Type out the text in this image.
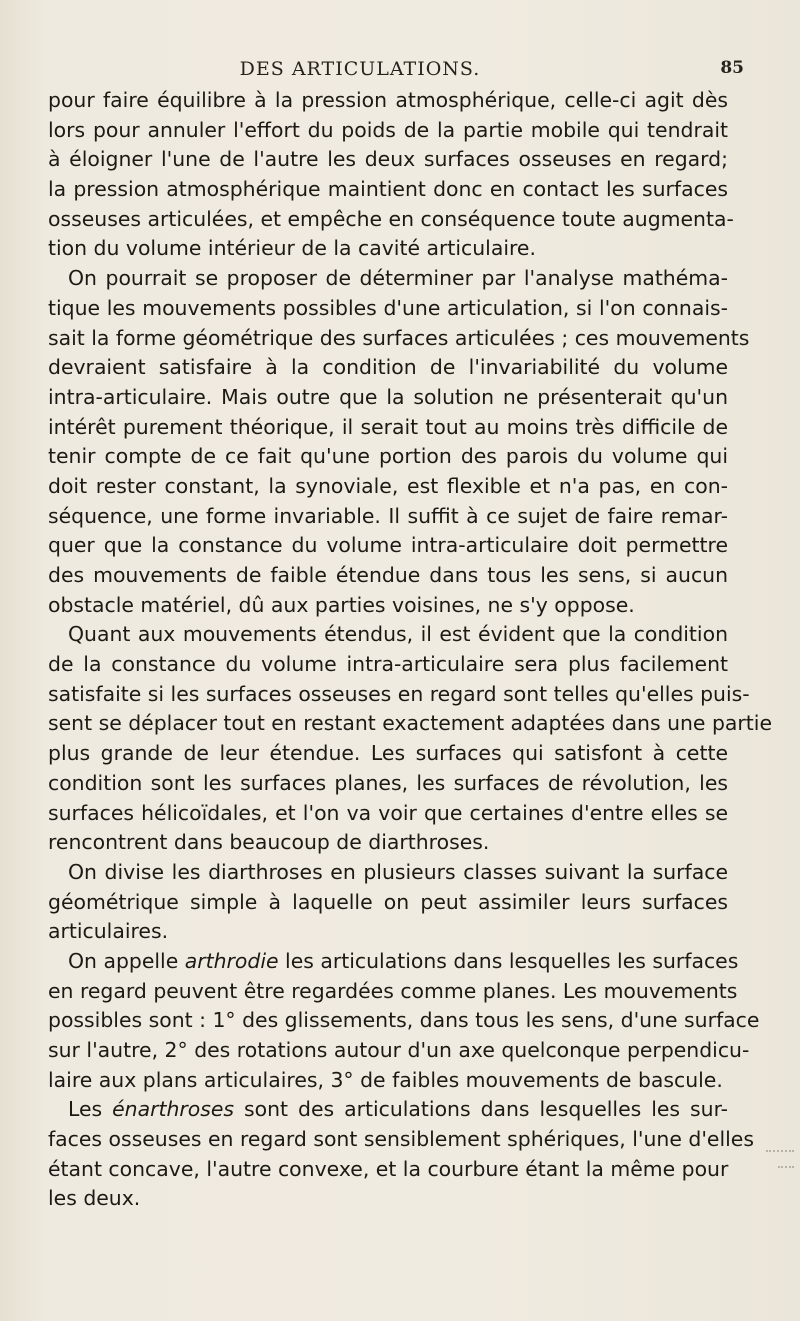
DES ARTICULATIONS.	85
pour faire équilibre à la pression atmosphérique, celle-ci agit dès
lors pour annuler l'effort du poids de la partie mobile qui tendrait
à éloigner l'une de l'autre les deux surfaces osseuses en regard;
la pression atmosphérique maintient donc en contact les surfaces
osseuses articulées, et empêche en conséquence toute augmenta-
tion du volume intérieur de la cavité articulaire.
On pourrait se proposer de déterminer par l'analyse mathéma-
tique les mouvements possibles d'une articulation, si l'on connais-
sait la forme géométrique des surfaces articulées ; ces mouvements
devraient satisfaire à la condition de l'invariabilité du volume
intra-articulaire. Mais outre que la solution ne présenterait qu'un
intérêt purement théorique, il serait tout au moins très difficile de
tenir compte de ce fait qu'une portion des parois du volume qui
doit rester constant, la synoviale, est flexible et n'a pas, en con-
séquence, une forme invariable. Il suffit à ce sujet de faire remar-
quer que la constance du volume intra-articulaire doit permettre
des mouvements de faible étendue dans tous les sens, si aucun
obstacle matériel, dû aux parties voisines, ne s'y oppose.
Quant aux mouvements étendus, il est évident que la condition
de la constance du volume intra-articulaire sera plus facilement
satisfaite si les surfaces osseuses en regard sont telles qu'elles puis-
sent se déplacer tout en restant exactement adaptées dans une partie
plus grande de leur étendue. Les surfaces qui satisfont à cette
condition sont les surfaces planes, les surfaces de révolution, les
surfaces hélicoïdales, et l'on va voir que certaines d'entre elles se
rencontrent dans beaucoup de diarthroses.
On divise les diarthroses en plusieurs classes suivant la surface
géométrique simple à laquelle on peut assimiler leurs surfaces
articulaires.
On appelle arthrodie les articulations dans lesquelles les surfaces
en regard peuvent être regardées comme planes. Les mouvements
possibles sont : 1° des glissements, dans tous les sens, d'une surface
sur l'autre, 2° des rotations autour d'un axe quelconque perpendicu-
laire aux plans articulaires, 3° de faibles mouvements de bascule.
Les énarthroses sont des articulations dans lesquelles les sur-
faces osseuses en regard sont sensiblement sphériques, l'une d'elles
étant concave, l'autre convexe, et la courbure étant la même pour
les deux.
